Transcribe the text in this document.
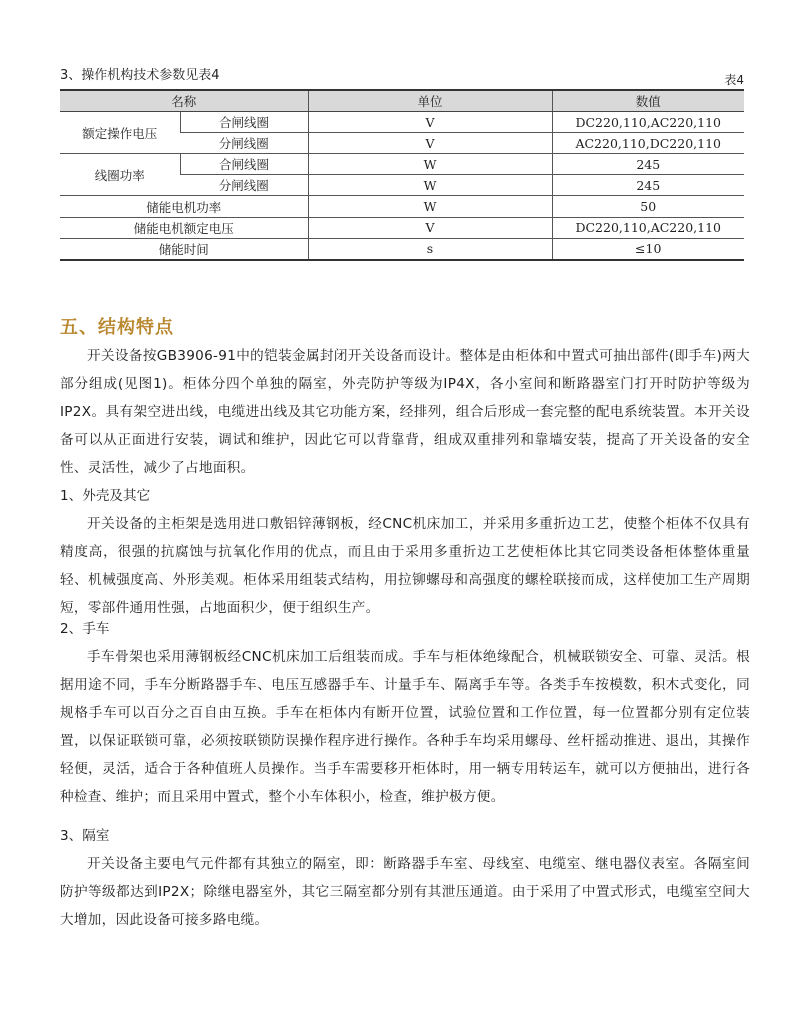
3、操作机构技术参数见表4	表4
名称		单位	数值
额定操作电压	合闸线圈	V	DC220,110,AC220,110
	分闸线圈	V	AC220,110,DC220,110
线圈功率	合闸线圈	W	245
	分闸线圈	W	245
储能电机功率		W	50
储能电机额定电压		V	DC220,110,AC220,110
储能时间		s	≤10
五、结构特点

开关设备按GB3906-91中的铠装金属封闭开关设备而设计。整体是由柜体和中置式可抽出部件(即手车)两大部分组成(见图1)。柜体分四个单独的隔室，外壳防护等级为IP4X，各小室间和断路器室门打开时防护等级为IP2X。具有架空进出线，电缆进出线及其它功能方案，经排列，组合后形成一套完整的配电系统装置。本开关设备可以从正面进行安装，调试和维护，因此它可以背靠背，组成双重排列和靠墙安装，提高了开关设备的安全性、灵活性，减少了占地面积。

1、外壳及其它

开关设备的主柜架是选用进口敷铝锌薄钢板，经CNC机床加工，并采用多重折边工艺，使整个柜体不仅具有精度高，很强的抗腐蚀与抗氧化作用的优点，而且由于采用多重折边工艺使柜体比其它同类设备柜体整体重量轻、机械强度高、外形美观。柜体采用组装式结构，用拉铆螺母和高强度的螺栓联接而成，这样使加工生产周期短，零部件通用性强，占地面积少，便于组织生产。

2、手车

手车骨架也采用薄钢板经CNC机床加工后组装而成。手车与柜体绝缘配合，机械联锁安全、可靠、灵活。根据用途不同，手车分断路器手车、电压互感器手车、计量手车、隔离手车等。各类手车按模数，积木式变化，同规格手车可以百分之百自由互换。手车在柜体内有断开位置，试验位置和工作位置，每一位置都分别有定位装置，以保证联锁可靠，必须按联锁防误操作程序进行操作。各种手车均采用螺母、丝杆摇动推进、退出，其操作轻便，灵活，适合于各种值班人员操作。当手车需要移开柜体时，用一辆专用转运车，就可以方便抽出，进行各种检查、维护；而且采用中置式，整个小车体积小，检查，维护极方便。

3、隔室

开关设备主要电气元件都有其独立的隔室，即：断路器手车室、母线室、电缆室、继电器仪表室。各隔室间防护等级都达到IP2X；除继电器室外，其它三隔室都分别有其泄压通道。由于采用了中置式形式，电缆室空间大大增加，因此设备可接多路电缆。
